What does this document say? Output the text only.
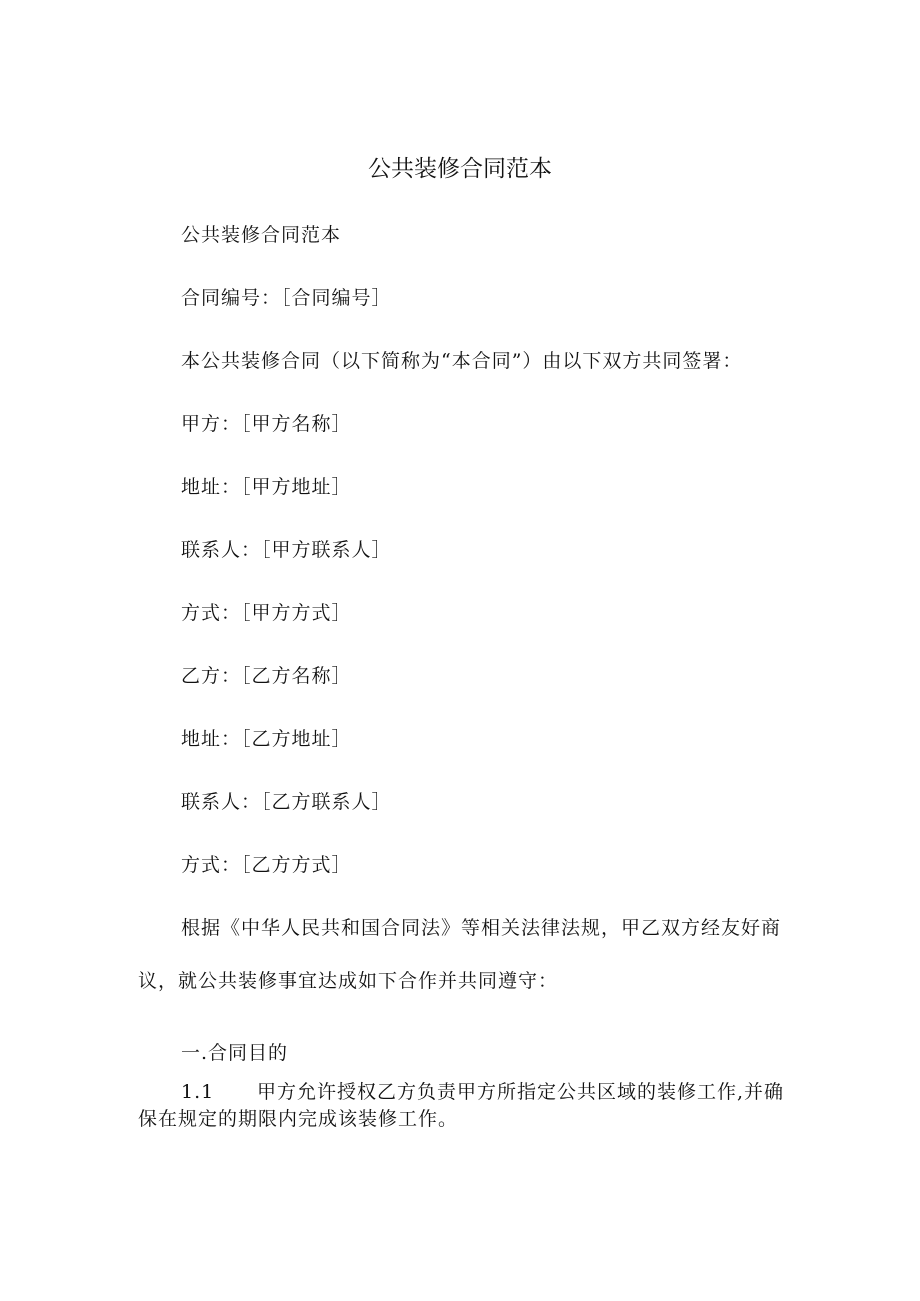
公共装修合同范本
公共装修合同范本
合同编号：［合同编号］
本公共装修合同（以下简称为“本合同”）由以下双方共同签署：
甲方：［甲方名称］
地址：［甲方地址］
联系人：［甲方联系人］
方式：［甲方方式］
乙方：［乙方名称］
地址：［乙方地址］
联系人：［乙方联系人］
方式：［乙方方式］
根据《中华人民共和国合同法》等相关法律法规，甲乙双方经友好商
议，就公共装修事宜达成如下合作并共同遵守：
一.合同目的
1.1 甲方允许授权乙方负责甲方所指定公共区域的装修工作,并确
保在规定的期限内完成该装修工作。
